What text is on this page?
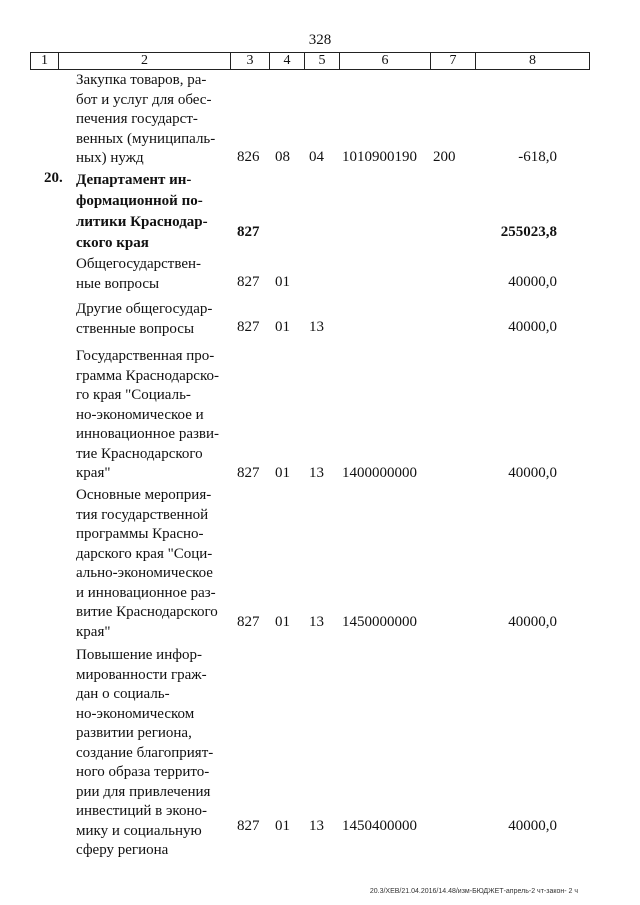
328
1	2	3	4	5	6	7	8
Закупка товаров, ра-
бот и услуг для обес-
печения государст-
венных (муниципаль-
ных) нужд	826 08 04 1010900190 200	-618,0
20. Департамент ин-
формационной по-
литики Краснодар-
ского края
827	255023,8
Общегосударствен-
ные вопросы	827 01	40000,0
Другие общегосудар-
ственные вопросы	827 01 13	40000,0
Государственная про-
грамма Краснодарско-
го края "Социаль-
но-экономическое и
инновационное разви-
тие Краснодарского
края"	827 01 13 1400000000	40000,0
Основные мероприя-
тия государственной
программы Красно-
дарского края "Соци-
ально-экономическое
и инновационное раз-
витие Краснодарского
края"
827 01 13 1450000000	40000,0
Повышение инфор-
мированности граж-
дан о социаль-
но-экономическом
развитии региона,
создание благоприят-
ного образа террито-
рии для привлечения
инвестиций в эконо-
мику и социальную
сферу региона
827 01 13 1450400000	40000,0
20.3/ХЕВ/21.04.2016/14.48/изм-БЮДЖЕТ-апрель-2 чт-закон- 2 ч
